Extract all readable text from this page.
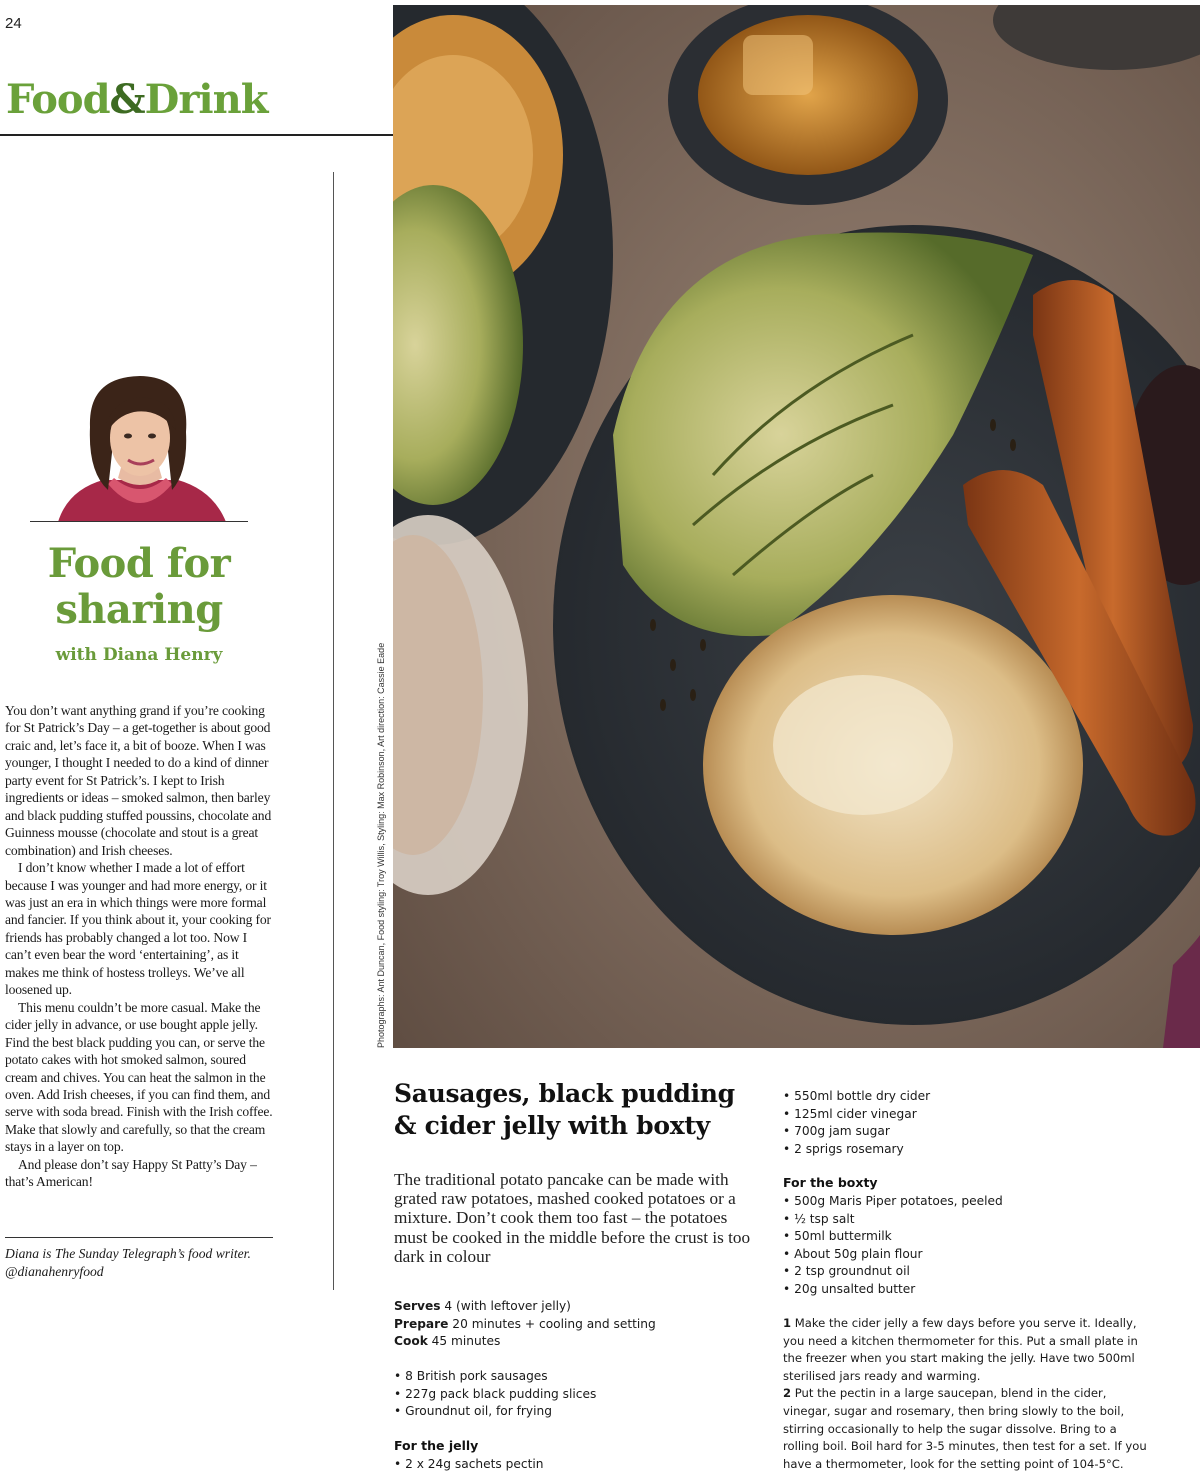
24
Food&Drink
Food for
sharing
with Diana Henry

You don’t want anything grand if you’re cooking for St Patrick’s Day – a get-together is about good craic and, let’s face it, a bit of booze. When I was younger, I thought I needed to do a kind of dinner party event for St Patrick’s. I kept to Irish ingredients or ideas – smoked salmon, then barley and black pudding stuffed poussins, chocolate and Guinness mousse (chocolate and stout is a great combination) and Irish cheeses.

I don’t know whether I made a lot of effort because I was younger and had more energy, or it was just an era in which things were more formal and fancier. If you think about it, your cooking for friends has probably changed a lot too. Now I can’t even bear the word ‘entertaining’, as it makes me think of hostess trolleys. We’ve all loosened up.

This menu couldn’t be more casual. Make the cider jelly in advance, or use bought apple jelly. Find the best black pudding you can, or serve the potato cakes with hot smoked salmon, soured cream and chives. You can heat the salmon in the oven. Add Irish cheeses, if you can find them, and serve with soda bread. Finish with the Irish coffee. Make that slowly and carefully, so that the cream stays in a layer on top.

And please don’t say Happy St Patty’s Day – that’s American!

Diana is The Sunday Telegraph’s food writer. @dianahenryfood
Photographs: Ant Duncan, Food styling: Troy Willis, Styling: Max Robinson, Art direction: Cassie Eade
Sausages, black pudding
& cider jelly with boxty
The traditional potato pancake can be made with grated raw potatoes, mashed cooked potatoes or a mixture. Don’t cook them too fast – the potatoes must be cooked in the middle before the crust is too dark in colour
Serves 4 (with leftover jelly)
Prepare 20 minutes + cooling and setting
Cook 45 minutes
• 8 British pork sausages
• 227g pack black pudding slices
• Groundnut oil, for frying
For the jelly
• 2 x 24g sachets pectin
• 550ml bottle dry cider
• 125ml cider vinegar
• 700g jam sugar
• 2 sprigs rosemary
For the boxty
• 500g Maris Piper potatoes, peeled
• ½ tsp salt
• 50ml buttermilk
• About 50g plain flour
• 2 tsp groundnut oil
• 20g unsalted butter
1 Make the cider jelly a few days before you serve it. Ideally, you need a kitchen thermometer for this. Put a small plate in the freezer when you start making the jelly. Have two 500ml sterilised jars ready and warming.
2 Put the pectin in a large saucepan, blend in the cider, vinegar, sugar and rosemary, then bring slowly to the boil, stirring occasionally to help the sugar dissolve. Bring to a rolling boil. Boil hard for 3-5 minutes, then test for a set. If you have a thermometer, look for the setting point of 104-5°C.
